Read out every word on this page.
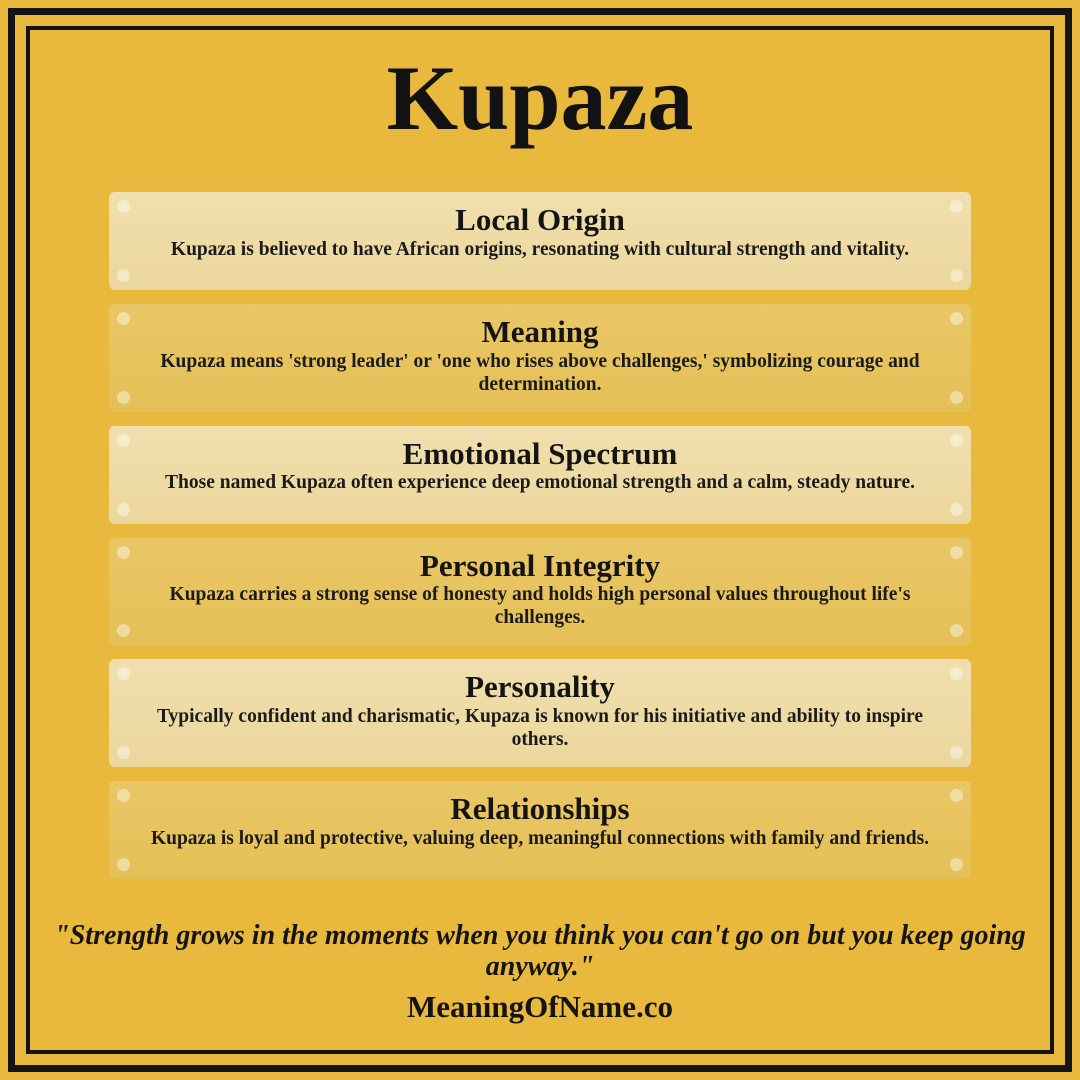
Kupaza
Local Origin
Kupaza is believed to have African origins, resonating with cultural strength and vitality.
Meaning
Kupaza means 'strong leader' or 'one who rises above challenges,' symbolizing courage and determination.
Emotional Spectrum
Those named Kupaza often experience deep emotional strength and a calm, steady nature.
Personal Integrity
Kupaza carries a strong sense of honesty and holds high personal values throughout life's challenges.
Personality
Typically confident and charismatic, Kupaza is known for his initiative and ability to inspire others.
Relationships
Kupaza is loyal and protective, valuing deep, meaningful connections with family and friends.
"Strength grows in the moments when you think you can't go on but you keep going anyway."
MeaningOfName.co
